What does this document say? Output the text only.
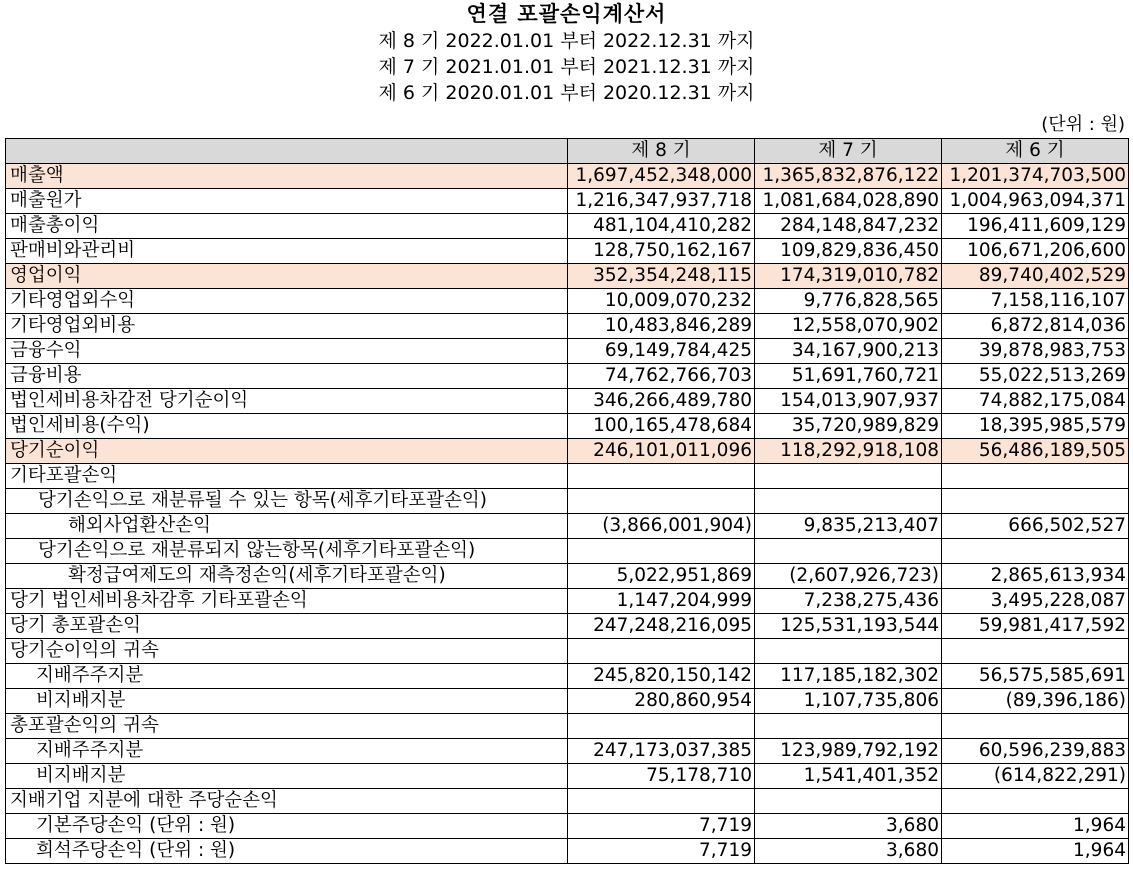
연결 포괄손익계산서
제 8 기 2022.01.01 부터 2022.12.31 까지
제 7 기 2021.01.01 부터 2021.12.31 까지
제 6 기 2020.01.01 부터 2020.12.31 까지
(단위 : 원)
	제 8 기	제 7 기	제 6 기
매출액	1,697,452,348,000	1,365,832,876,122	1,201,374,703,500
매출원가	1,216,347,937,718	1,081,684,028,890	1,004,963,094,371
매출총이익	481,104,410,282	284,148,847,232	196,411,609,129
판매비와관리비	128,750,162,167	109,829,836,450	106,671,206,600
영업이익	352,354,248,115	174,319,010,782	89,740,402,529
기타영업외수익	10,009,070,232	9,776,828,565	7,158,116,107
기타영업외비용	10,483,846,289	12,558,070,902	6,872,814,036
금융수익	69,149,784,425	34,167,900,213	39,878,983,753
금융비용	74,762,766,703	51,691,760,721	55,022,513,269
법인세비용차감전 당기순이익	346,266,489,780	154,013,907,937	74,882,175,084
법인세비용(수익)	100,165,478,684	35,720,989,829	18,395,985,579
당기순이익	246,101,011,096	118,292,918,108	56,486,189,505
기타포괄손익			
당기손익으로 재분류될 수 있는 항목(세후기타포괄손익)			
해외사업환산손익	(3,866,001,904)	9,835,213,407	666,502,527
당기손익으로 재분류되지 않는항목(세후기타포괄손익)			
확정급여제도의 재측정손익(세후기타포괄손익)	5,022,951,869	(2,607,926,723)	2,865,613,934
당기 법인세비용차감후 기타포괄손익	1,147,204,999	7,238,275,436	3,495,228,087
당기 총포괄손익	247,248,216,095	125,531,193,544	59,981,417,592
당기순이익의 귀속			
지배주주지분	245,820,150,142	117,185,182,302	56,575,585,691
비지배지분	280,860,954	1,107,735,806	(89,396,186)
총포괄손익의 귀속			
지배주주지분	247,173,037,385	123,989,792,192	60,596,239,883
비지배지분	75,178,710	1,541,401,352	(614,822,291)
지배기업 지분에 대한 주당순손익			
기본주당손익 (단위 : 원)	7,719	3,680	1,964
희석주당손익 (단위 : 원)	7,719	3,680	1,964
